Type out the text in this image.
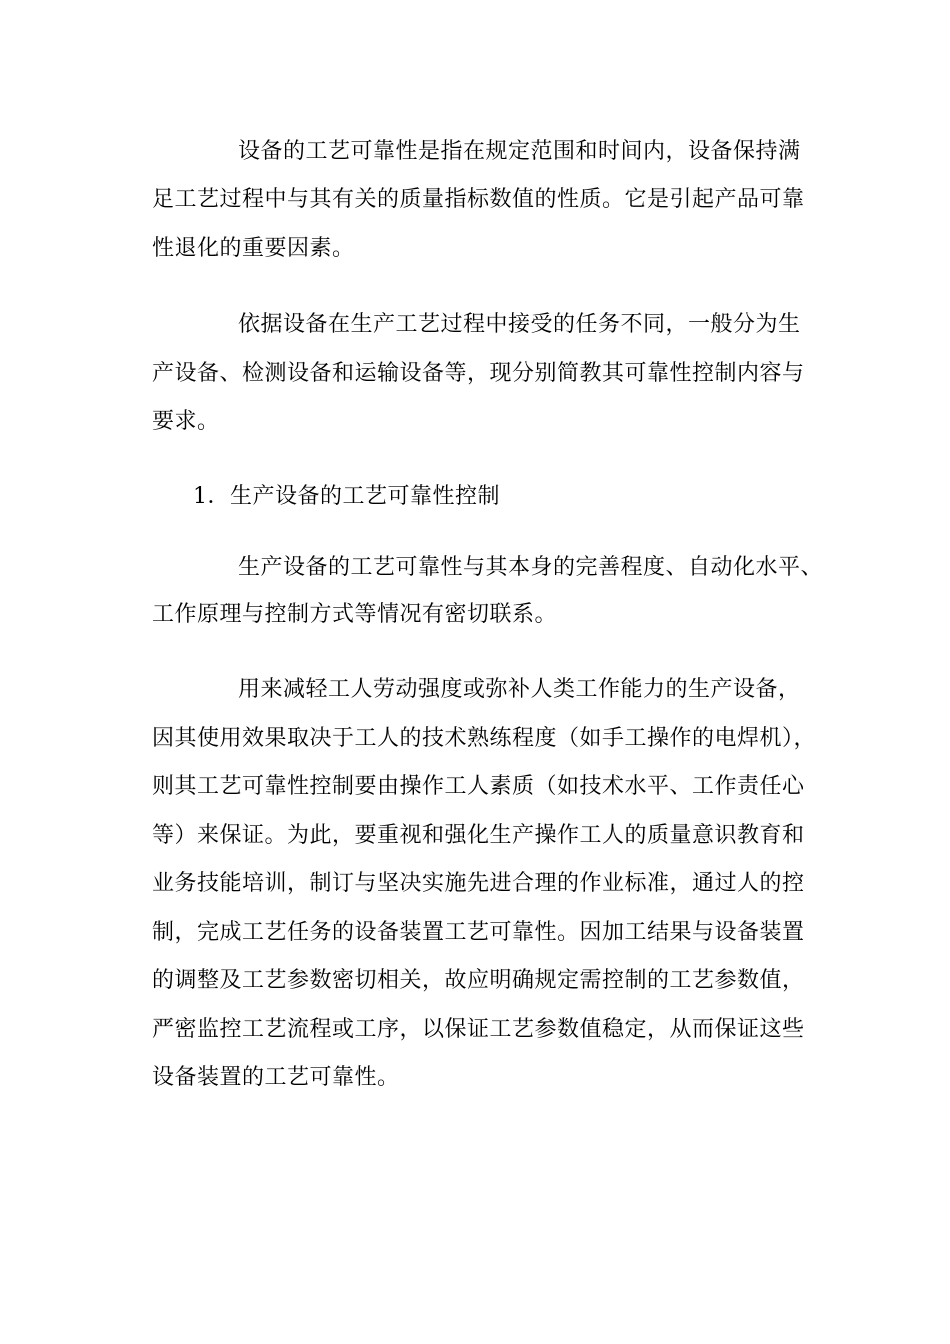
设备的工艺可靠性是指在规定范围和时间内，设备保持满
足工艺过程中与其有关的质量指标数值的性质。它是引起产品可靠
性退化的重要因素。
依据设备在生产工艺过程中接受的任务不同，一般分为生
产设备、检测设备和运输设备等，现分别简教其可靠性控制内容与
要求。
1．生产设备的工艺可靠性控制
生产设备的工艺可靠性与其本身的完善程度、自动化水平、
工作原理与控制方式等情况有密切联系。
用来减轻工人劳动强度或弥补人类工作能力的生产设备，
因其使用效果取决于工人的技术熟练程度（如手工操作的电焊机），
则其工艺可靠性控制要由操作工人素质（如技术水平、工作责任心
等）来保证。为此，要重视和强化生产操作工人的质量意识教育和
业务技能培训，制订与坚决实施先进合理的作业标准，通过人的控
制，完成工艺任务的设备装置工艺可靠性。因加工结果与设备装置
的调整及工艺参数密切相关，故应明确规定需控制的工艺参数值，
严密监控工艺流程或工序，以保证工艺参数值稳定，从而保证这些
设备装置的工艺可靠性。
